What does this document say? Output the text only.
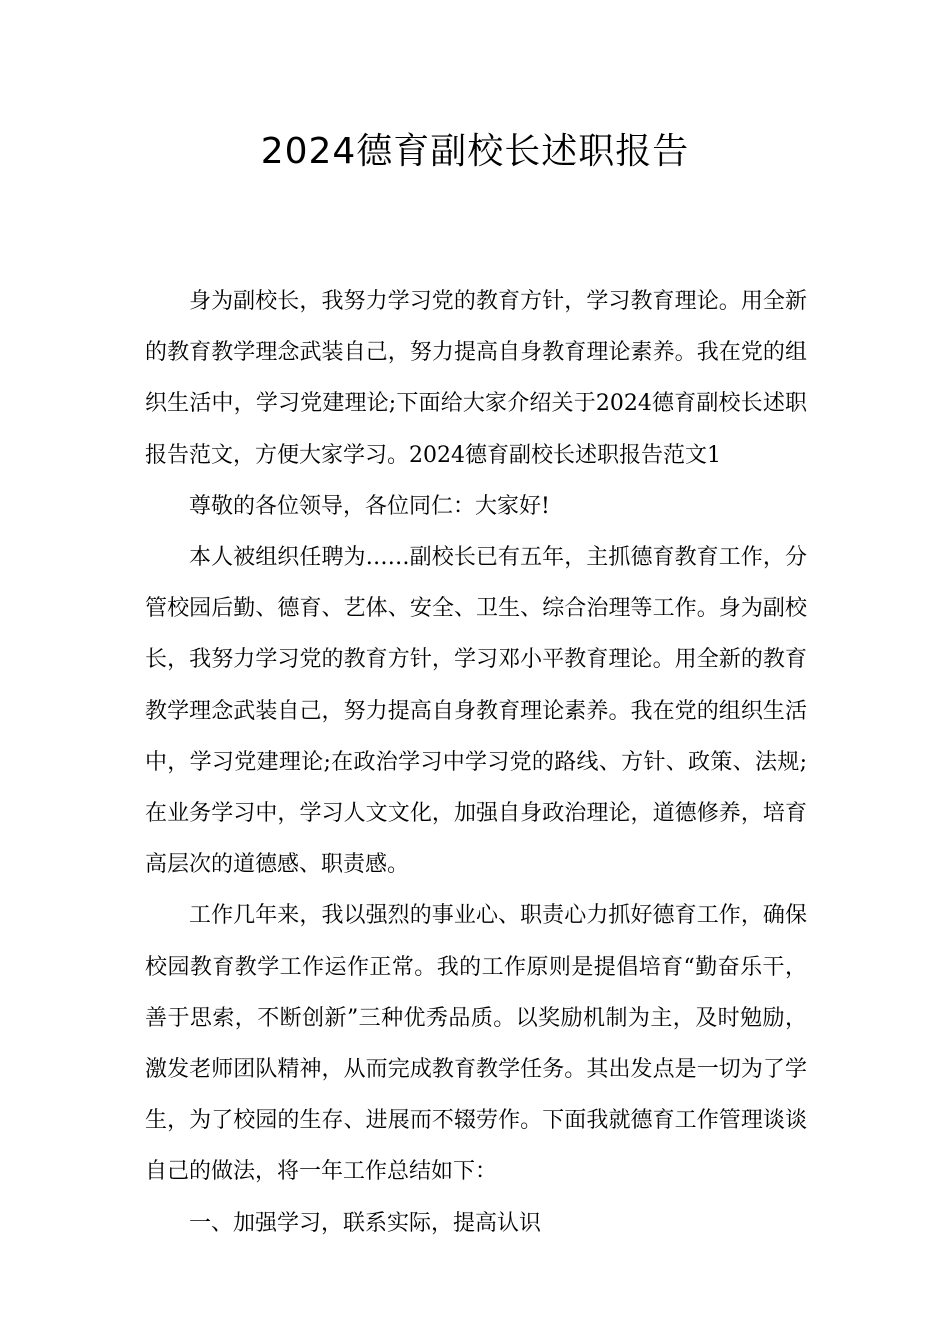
2024德育副校长述职报告

身为副校长，我努力学习党的教育方针，学习教育理论。用全新的教育教学理念武装自己，努力提高自身教育理论素养。我在党的组织生活中，学习党建理论;下面给大家介绍关于2024德育副校长述职报告范文，方便大家学习。2024德育副校长述职报告范文1

尊敬的各位领导，各位同仁：大家好!

本人被组织任聘为……副校长已有五年，主抓德育教育工作，分管校园后勤、德育、艺体、安全、卫生、综合治理等工作。身为副校长，我努力学习党的教育方针，学习邓小平教育理论。用全新的教育教学理念武装自己，努力提高自身教育理论素养。我在党的组织生活中，学习党建理论;在政治学习中学习党的路线、方针、政策、法规;在业务学习中，学习人文文化，加强自身政治理论，道德修养，培育高层次的道德感、职责感。

工作几年来，我以强烈的事业心、职责心力抓好德育工作，确保校园教育教学工作运作正常。我的工作原则是提倡培育“勤奋乐干，善于思索，不断创新”三种优秀品质。以奖励机制为主，及时勉励，激发老师团队精神，从而完成教育教学任务。其出发点是一切为了学生，为了校园的生存、进展而不辍劳作。下面我就德育工作管理谈谈自己的做法，将一年工作总结如下：

一、加强学习，联系实际，提高认识
